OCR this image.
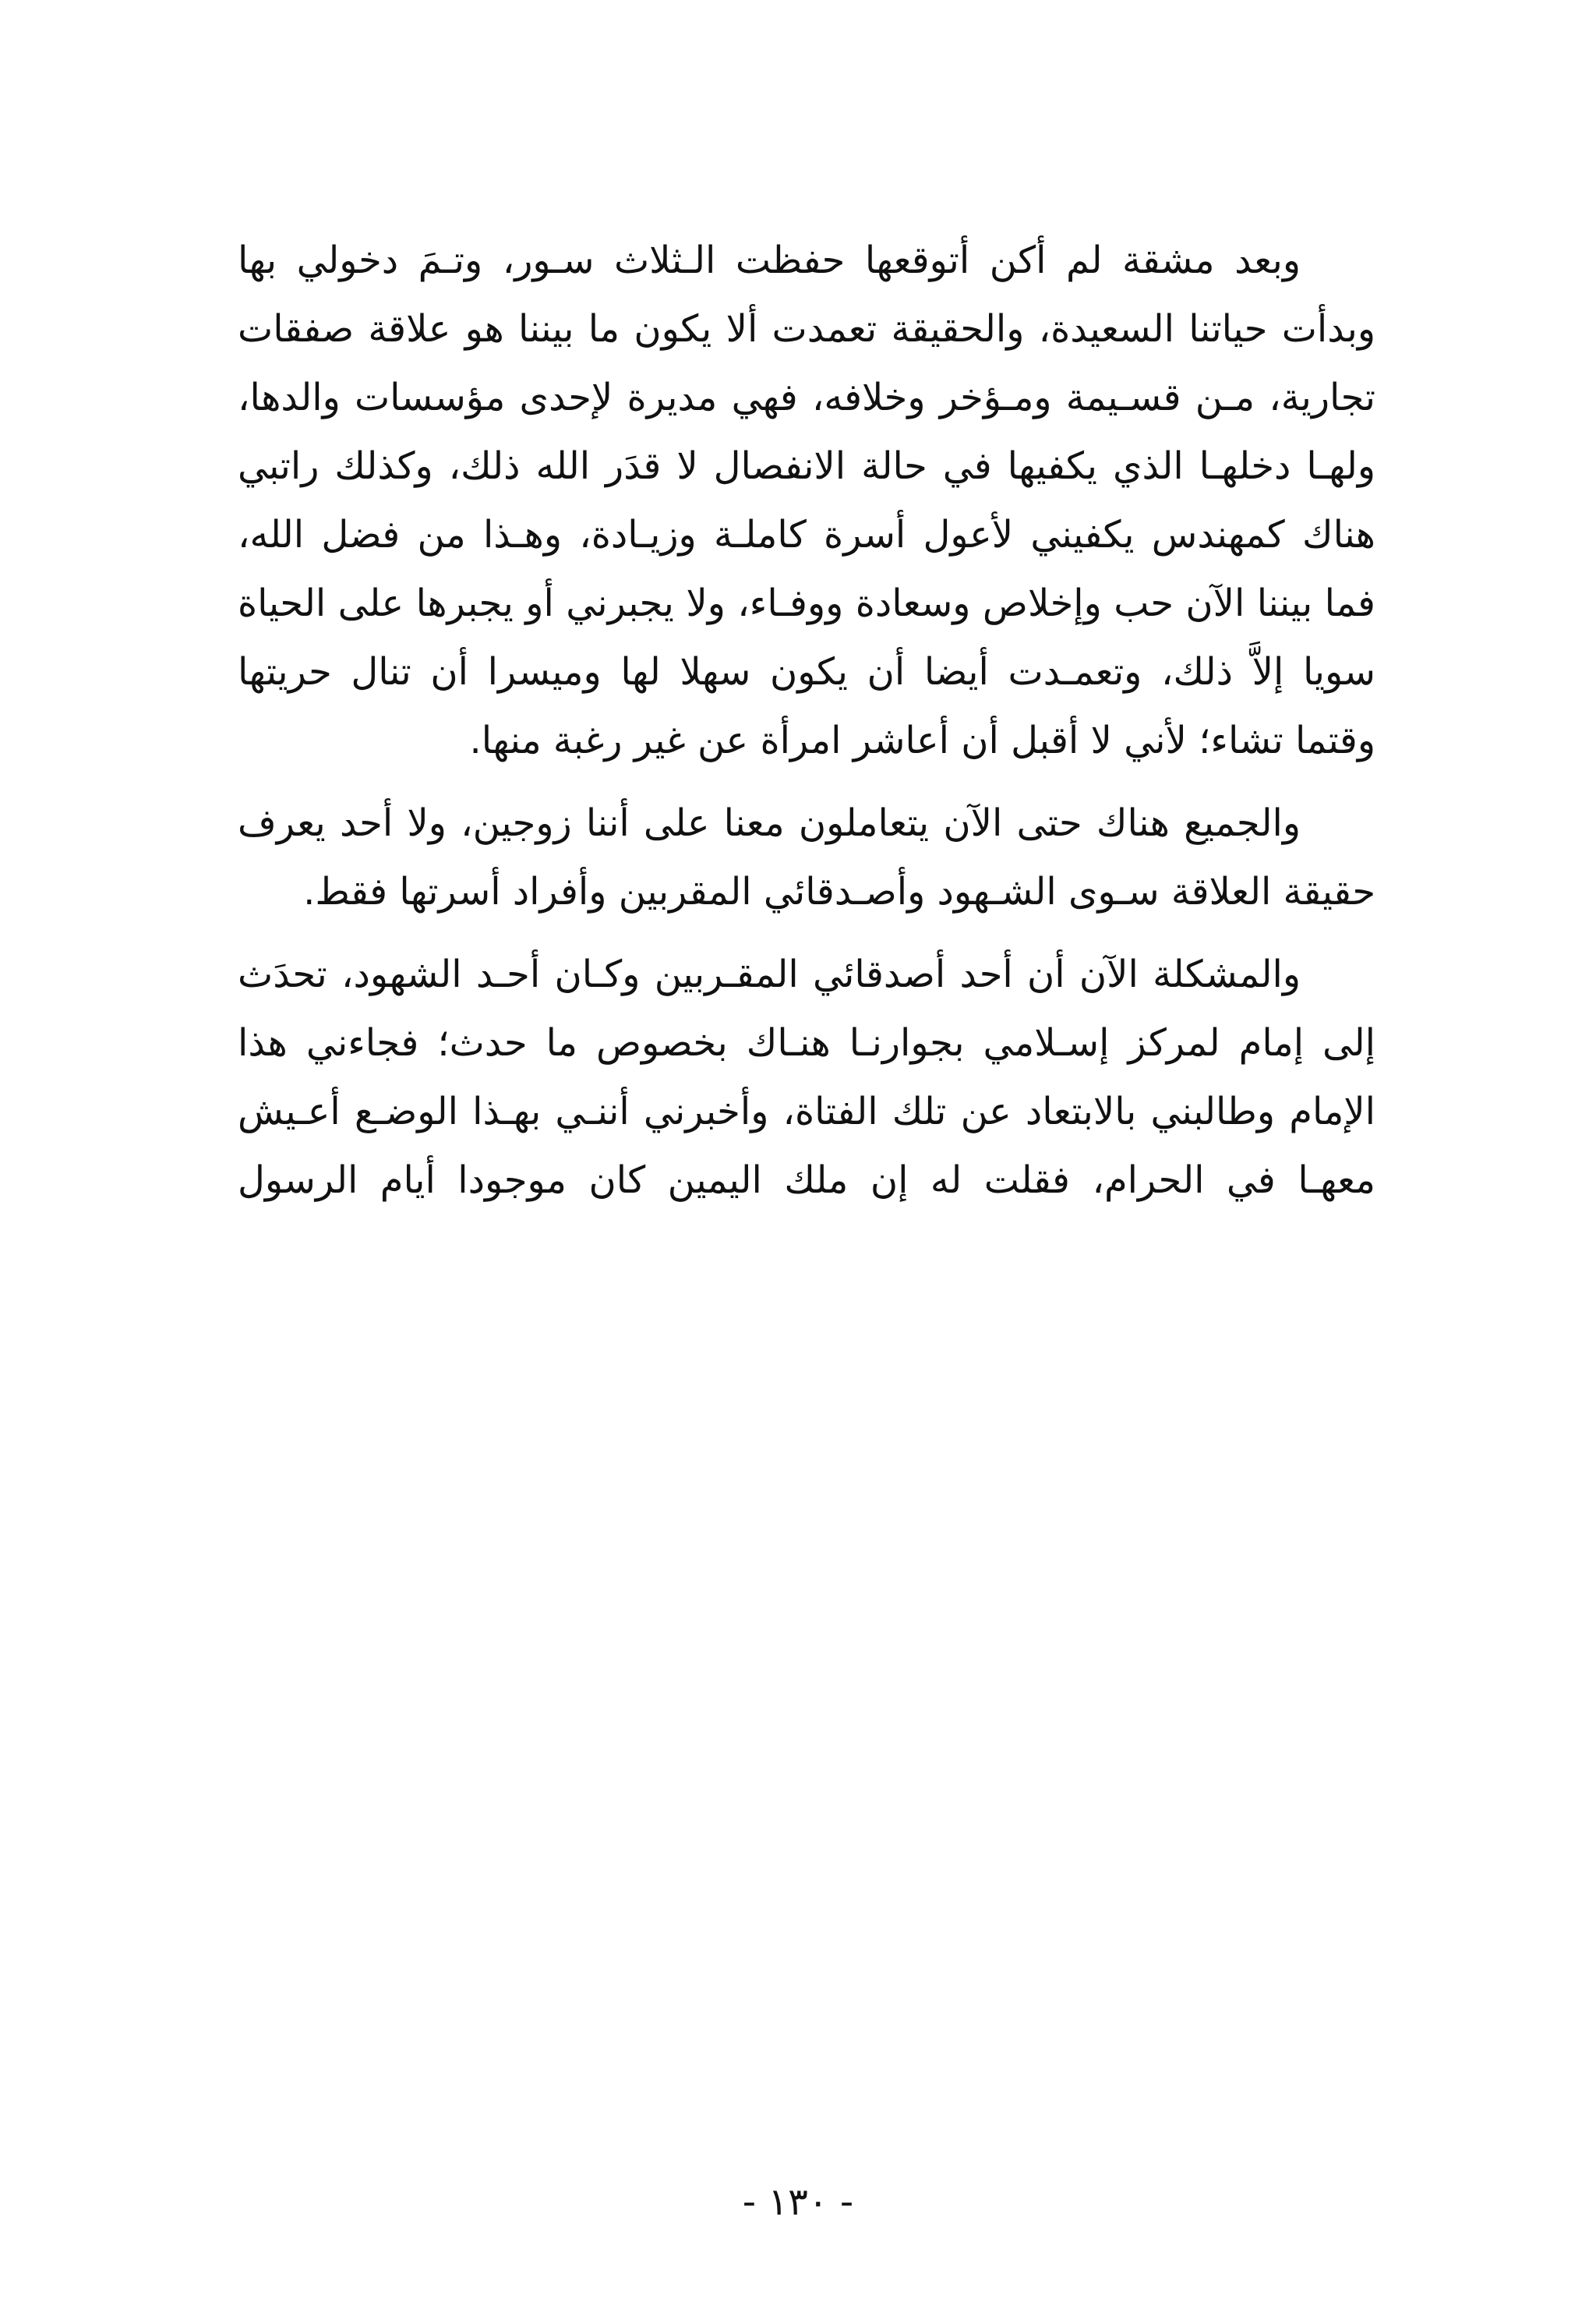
وبعد مشقة لم أكن أتوقعها حفظت الـثلاث سـور، وتـمَ دخولي بها وبدأت حياتنا السعيدة، والحقيقة تعمدت ألا يكون ما بيننا هو علاقة صفقات تجارية، مـن قسـيمة ومـؤخر وخلافه، فهي مديرة لإحدى مؤسسات والدها، ولهـا دخلهـا الذي يكفيها في حالة الانفصال لا قدَر الله ذلك، وكذلك راتبي هناك كمهندس يكفيني لأعول أسرة كاملـة وزيـادة، وهـذا من فضل الله، فما بيننا الآن حب وإخلاص وسعادة ووفـاء، ولا يجبرني أو يجبرها على الحياة سويا إلاَّ ذلك، وتعمـدت أيضا أن يكون سهلا لها وميسرا أن تنال حريتها وقتما تشاء؛ لأني لا أقبل أن أعاشر امرأة عن غير رغبة منها.

والجميع هناك حتى الآن يتعاملون معنا على أننا زوجين، ولا أحد يعرف حقيقة العلاقة سـوى الشـهود وأصـدقائي المقربين وأفراد أسرتها فقط.

والمشكلة الآن أن أحد أصدقائي المقـربين وكـان أحـد الشهود، تحدَث إلى إمام لمركز إسـلامي بجوارنـا هنـاك بخصوص ما حدث؛ فجاءني هذا الإمام وطالبني بالابتعاد عن تلك الفتاة، وأخبرني أننـي بهـذا الوضـع أعـيش معهـا في الحرام، فقلت له إن ملك اليمين كان موجودا أيام الرسول

- ١٣٠ -
